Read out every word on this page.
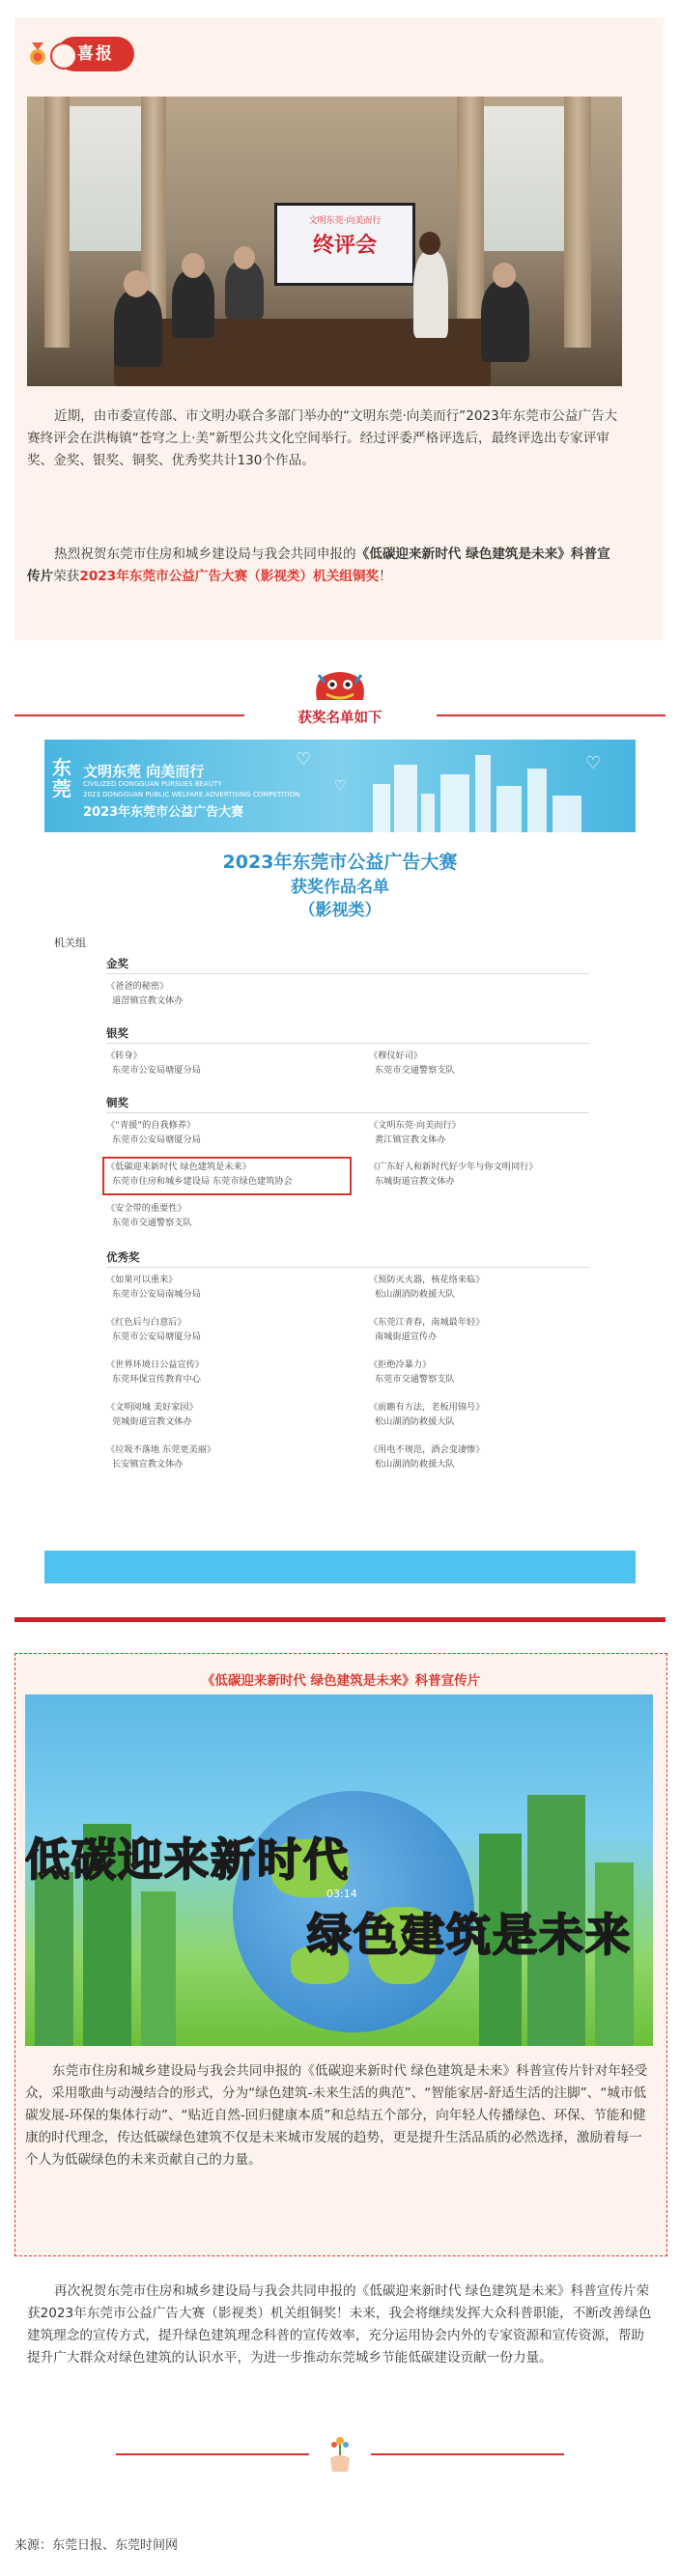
喜报
文明东莞·向美而行
终评会
近期，由市委宣传部、市文明办联合多部门举办的“文明东莞·向美而行”2023年东莞市公益广告大赛终评会在洪梅镇“苍穹之上·美”新型公共文化空间举行。经过评委严格评选后，最终评选出专家评审奖、金奖、银奖、铜奖、优秀奖共计130个作品。
热烈祝贺东莞市住房和城乡建设局与我会共同申报的《低碳迎来新时代 绿色建筑是未来》科普宣传片荣获2023年东莞市公益广告大赛（影视类）机关组铜奖！
获奖名单如下
东莞
文明东莞 向美而行
CIVILIZED DONGGUAN PURSUES BEAUTY
2023 DONGGUAN PUBLIC WELFARE ADVERTISING COMPETITION
2023年东莞市公益广告大赛
♡
♡
♡
2023年东莞市公益广告大赛
获奖作品名单
（影视类）
机关组
金奖
《爸爸的秘密》
道滘镇宣教文体办
银奖
《转身》
东莞市公安局塘厦分局
《穆仪好司》
东莞市交通警察支队
铜奖
《“青援”的自我修养》
东莞市公安局塘厦分局
《文明东莞·向美而行》
黄江镇宣教文体办
《低碳迎来新时代 绿色建筑是未来》
东莞市住房和城乡建设局 东莞市绿色建筑协会
《广东好人和新时代好少年与你文明同行》
东城街道宣教文体办
《安全带的重要性》
东莞市交通警察支队
优秀奖
《如果可以重来》
东莞市公安局南城分局
《预防灭火器，核花络来临》
松山湖消防救援大队
《红色后与白意后》
东莞市公安局塘厦分局
《东莞江青春，南城最年轻》
南城街道宣传办
《世界环境日公益宣传》
东莞环保宣传教育中心
《拒绝冷暴力》
东莞市交通警察支队
《文明阅城 美好家园》
莞城街道宣教文体办
《前瞻有方法，老板用锦号》
松山湖消防救援大队
《垃圾不落地 东莞更美丽》
长安镇宣教文体办
《用电不规范，酒会变凄惨》
松山湖消防救援大队
《低碳迎来新时代 绿色建筑是未来》科普宣传片
低碳迎来新时代
03:14
绿色建筑是未来
东莞市住房和城乡建设局与我会共同申报的《低碳迎来新时代 绿色建筑是未来》科普宣传片针对年轻受众，采用歌曲与动漫结合的形式，分为“绿色建筑-未来生活的典范”、“智能家居-舒适生活的注脚”、“城市低碳发展-环保的集体行动”、“贴近自然-回归健康本质”和总结五个部分，向年轻人传播绿色、环保、节能和健康的时代理念，传达低碳绿色建筑不仅是未来城市发展的趋势，更是提升生活品质的必然选择，激励着每一个人为低碳绿色的未来贡献自己的力量。
再次祝贺东莞市住房和城乡建设局与我会共同申报的《低碳迎来新时代 绿色建筑是未来》科普宣传片荣获2023年东莞市公益广告大赛（影视类）机关组铜奖！未来，我会将继续发挥大众科普职能，不断改善绿色建筑理念的宣传方式，提升绿色建筑理念科普的宣传效率，充分运用协会内外的专家资源和宣传资源，帮助提升广大群众对绿色建筑的认识水平，为进一步推动东莞城乡节能低碳建设贡献一份力量。
来源：东莞日报、东莞时间网
